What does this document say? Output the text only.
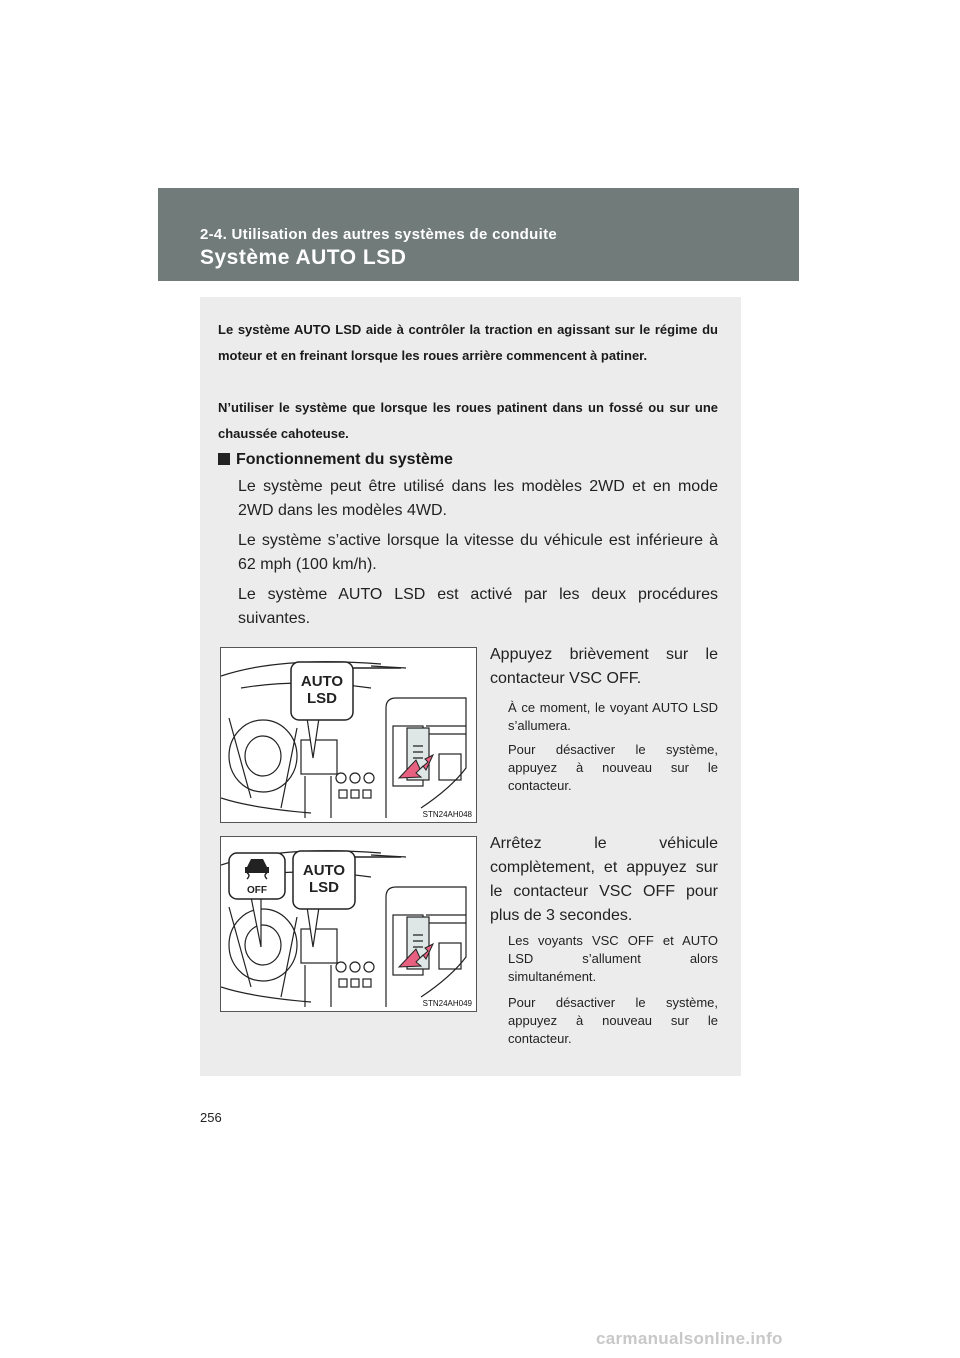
2-4. Utilisation des autres systèmes de conduite
Système AUTO LSD

Le système AUTO LSD aide à contrôler la traction en agissant sur le régime du moteur et en freinant lorsque les roues arrière commencent à patiner.

N’utiliser le système que lorsque les roues patinent dans un fossé ou sur une chaussée cahoteuse.

Fonctionnement du système

Le système peut être utilisé dans les modèles 2WD et en mode 2WD dans les modèles 4WD.

Le système s’active lorsque la vitesse du véhicule est inférieure à 62 mph (100 km/h).

Le système AUTO LSD est activé par les deux procédures suivantes.

AUTO
LSD
STN24AH048
Appuyez brièvement sur le contacteur VSC OFF.
À ce moment, le voyant AUTO LSD s’allumera.
Pour désactiver le système, appuyez à nouveau sur le contacteur.
OFF
AUTO
LSD
STN24AH049
Arrêtez le véhicule complètement, et appuyez sur le contacteur VSC OFF pour plus de 3 secondes.
Les voyants VSC OFF et AUTO LSD s’allument alors simultanément.
Pour désactiver le système, appuyez à nouveau sur le contacteur.
256
carmanualsonline.info
